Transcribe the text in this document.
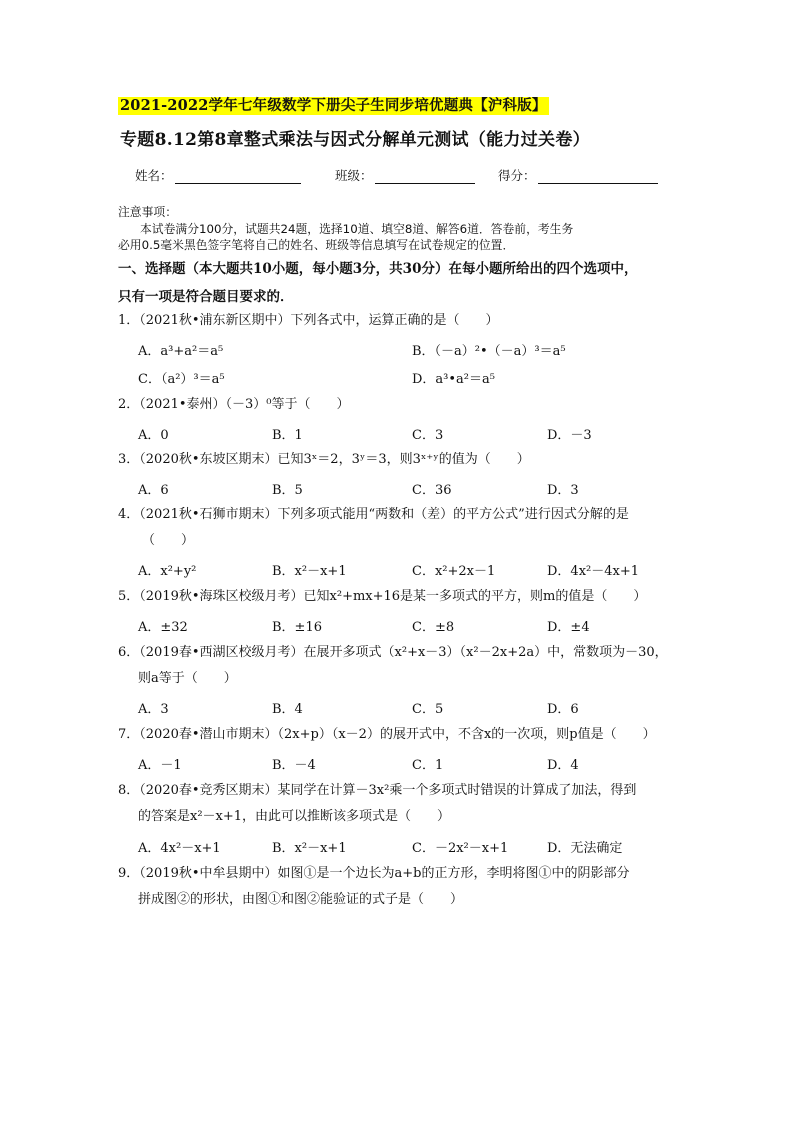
2021-2022学年七年级数学下册尖子生同步培优题典【沪科版】
专题8.12第8章整式乘法与因式分解单元测试（能力过关卷）
姓名：	班级：	得分：
注意事项：
本试卷满分100分，试题共24题，选择10道、填空8道、解答6道．答卷前，考生务
必用0.5毫米黑色签字笔将自己的姓名、班级等信息填写在试卷规定的位置．
一、选择题（本大题共10小题，每小题3分，共30分）在每小题所给出的四个选项中，
只有一项是符合题目要求的．
1．（2021秋•浦东新区期中）下列各式中，运算正确的是（　　）
A．a³+a²＝a⁵	B．（－a）²•（－a）³＝a⁵
C．（a²）³＝a⁵	D．a³•a²＝a⁵
2．（2021•泰州）（－3）⁰等于（　　）
A．0	B．1	C．3	D．－3
3．（2020秋•东坡区期末）已知3ˣ＝2，3ʸ＝3，则3ˣ⁺ʸ的值为（　　）
A．6	B．5	C．36	D．3
4．（2021秋•石狮市期末）下列多项式能用“两数和（差）的平方公式”进行因式分解的是
（　　）
A．x²+y²	B．x²－x+1	C．x²+2x－1	D．4x²－4x+1
5．（2019秋•海珠区校级月考）已知x²+mx+16是某一多项式的平方，则m的值是（　　）
A．±32	B．±16	C．±8	D．±4
6．（2019春•西湖区校级月考）在展开多项式（x²+x－3）（x²－2x+2a）中，常数项为－30，
则a等于（　　）
A．3	B．4	C．5	D．6
7．（2020春•潜山市期末）（2x+p）（x－2）的展开式中，不含x的一次项，则p值是（　　）
A．－1	B．－4	C．1	D．4
8．（2020春•竞秀区期末）某同学在计算－3x²乘一个多项式时错误的计算成了加法，得到
的答案是x²－x+1，由此可以推断该多项式是（　　）
A．4x²－x+1	B．x²－x+1	C．－2x²－x+1	D．无法确定
9．（2019秋•中牟县期中）如图①是一个边长为a+b的正方形，李明将图①中的阴影部分
拼成图②的形状，由图①和图②能验证的式子是（　　）
